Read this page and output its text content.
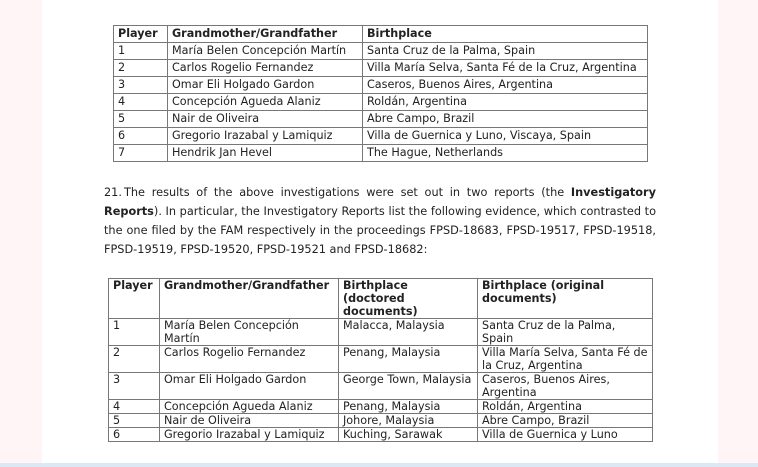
Player	Grandmother/Grandfather	Birthplace
1	María Belen Concepción Martín	Santa Cruz de la Palma, Spain
2	Carlos Rogelio Fernandez	Villa María Selva, Santa Fé de la Cruz, Argentina
3	Omar Eli Holgado Gardon	Caseros, Buenos Aires, Argentina
4	Concepción Agueda Alaniz	Roldán, Argentina
5	Nair de Oliveira	Abre Campo, Brazil
6	Gregorio Irazabal y Lamiquiz	Villa de Guernica y Luno, Viscaya, Spain
7	Hendrik Jan Hevel	The Hague, Netherlands
21. The results of the above investigations were set out in two reports (the Investigatory Reports). In particular, the Investigatory Reports list the following evidence, which contrasted to the one filed by the FAM respectively in the proceedings FPSD-18683, FPSD-19517, FPSD-19518, FPSD-19519, FPSD-19520, FPSD-19521 and FPSD-18682:
Player	Grandmother/Grandfather	Birthplace (doctored documents)	Birthplace (original documents)
1	María Belen Concepción Martín	Malacca, Malaysia	Santa Cruz de la Palma, Spain
2	Carlos Rogelio Fernandez	Penang, Malaysia	Villa María Selva, Santa Fé de la Cruz, Argentina
3	Omar Eli Holgado Gardon	George Town, Malaysia	Caseros, Buenos Aires, Argentina
4	Concepción Agueda Alaniz	Penang, Malaysia	Roldán, Argentina
5	Nair de Oliveira	Johore, Malaysia	Abre Campo, Brazil
6	Gregorio Irazabal y Lamiquiz	Kuching, Sarawak	Villa de Guernica y Luno
